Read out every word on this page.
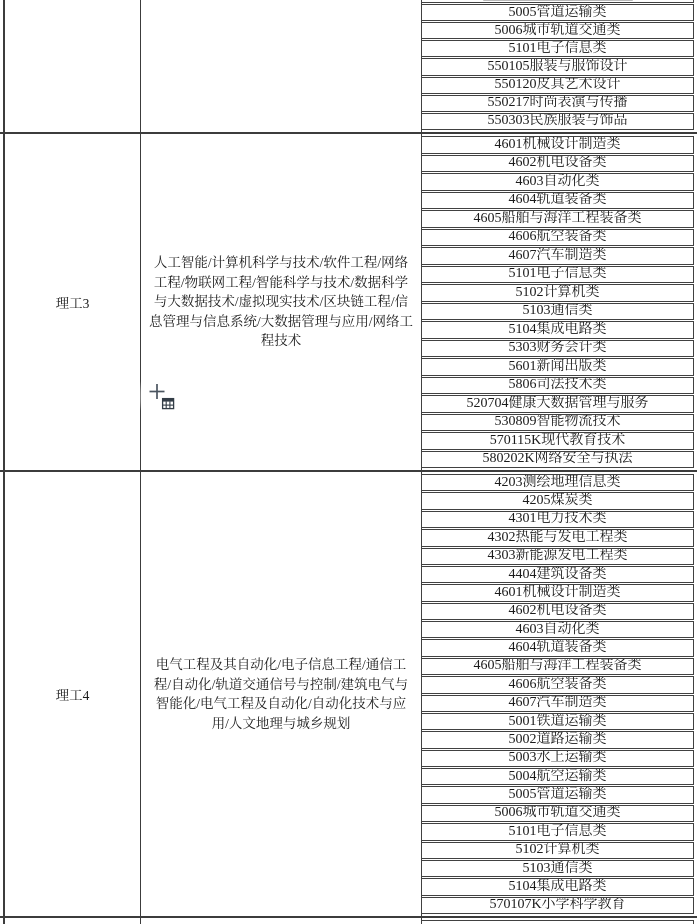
5005管道运输类
5006城市轨道交通类
5101电子信息类
550105服装与服饰设计
550120皮具艺术设计
550217时尚表演与传播
550303民族服装与饰品
理工3
人工智能/计算机科学与技术/软件工程/网络工程/物联网工程/智能科学与技术/数据科学与大数据技术/虚拟现实技术/区块链工程/信息管理与信息系统/大数据管理与应用/网络工程技术
4601机械设计制造类
4602机电设备类
4603自动化类
4604轨道装备类
4605船舶与海洋工程装备类
4606航空装备类
4607汽车制造类
5101电子信息类
5102计算机类
5103通信类
5104集成电路类
5303财务会计类
5601新闻出版类
5806司法技术类
520704健康大数据管理与服务
530809智能物流技术
570115K现代教育技术
580202K网络安全与执法
理工4
电气工程及其自动化/电子信息工程/通信工程/自动化/轨道交通信号与控制/建筑电气与智能化/电气工程及自动化/自动化技术与应用/人文地理与城乡规划
4203测绘地理信息类
4205煤炭类
4301电力技术类
4302热能与发电工程类
4303新能源发电工程类
4404建筑设备类
4601机械设计制造类
4602机电设备类
4603自动化类
4604轨道装备类
4605船舶与海洋工程装备类
4606航空装备类
4607汽车制造类
5001铁道运输类
5002道路运输类
5003水上运输类
5004航空运输类
5005管道运输类
5006城市轨道交通类
5101电子信息类
5102计算机类
5103通信类
5104集成电路类
570107K小学科学教育
